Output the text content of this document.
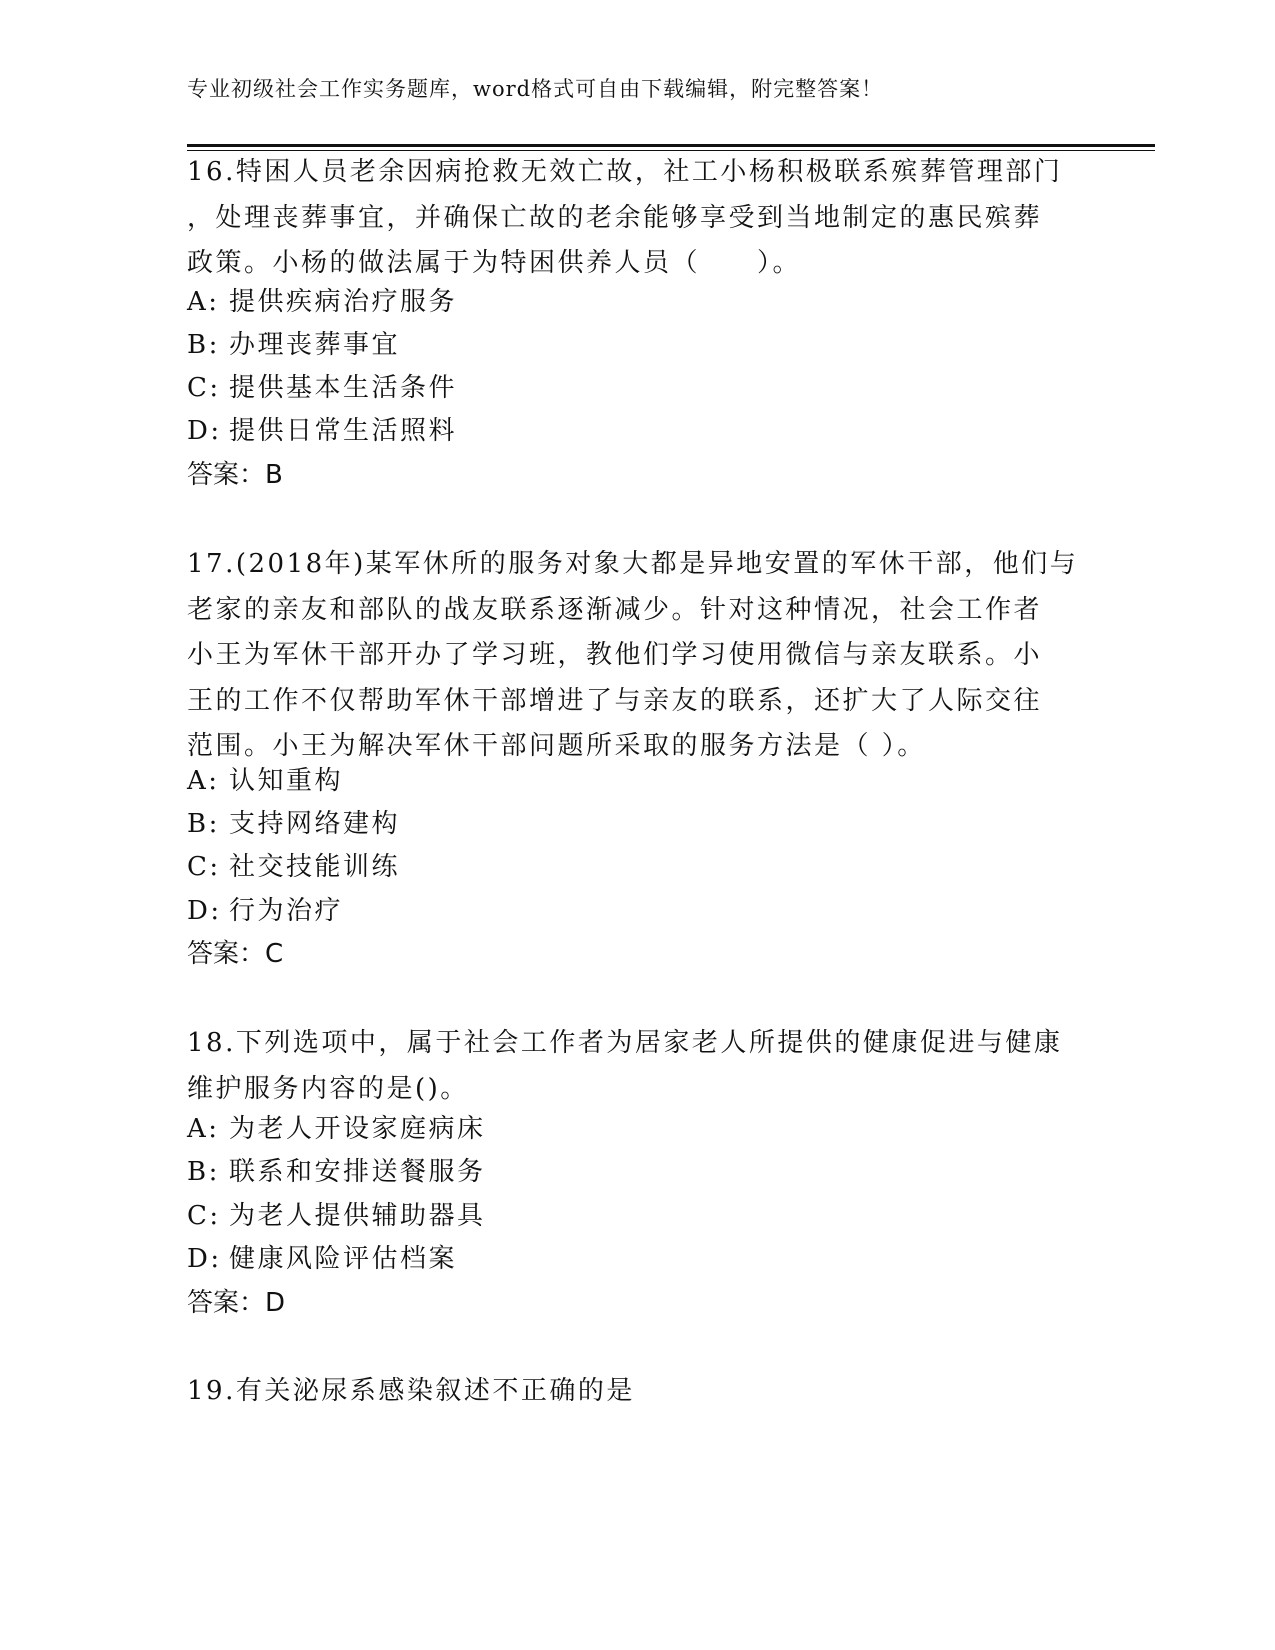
专业初级社会工作实务题库，word格式可自由下载编辑，附完整答案！
16.特困人员老余因病抢救无效亡故，社工小杨积极联系殡葬管理部门
，处理丧葬事宜，并确保亡故的老余能够享受到当地制定的惠民殡葬
政策。小杨的做法属于为特困供养人员（　　）。
A: 提供疾病治疗服务
B: 办理丧葬事宜
C: 提供基本生活条件
D: 提供日常生活照料
答案：B
17.(2018年)某军休所的服务对象大都是异地安置的军休干部，他们与
老家的亲友和部队的战友联系逐渐减少。针对这种情况，社会工作者
小王为军休干部开办了学习班，教他们学习使用微信与亲友联系。小
王的工作不仅帮助军休干部增进了与亲友的联系，还扩大了人际交往
范围。小王为解决军休干部问题所采取的服务方法是（ ）。
A: 认知重构
B: 支持网络建构
C: 社交技能训练
D: 行为治疗
答案：C
18.下列选项中，属于社会工作者为居家老人所提供的健康促进与健康
维护服务内容的是()。
A: 为老人开设家庭病床
B: 联系和安排送餐服务
C: 为老人提供辅助器具
D: 健康风险评估档案
答案：D
19.有关泌尿系感染叙述不正确的是
